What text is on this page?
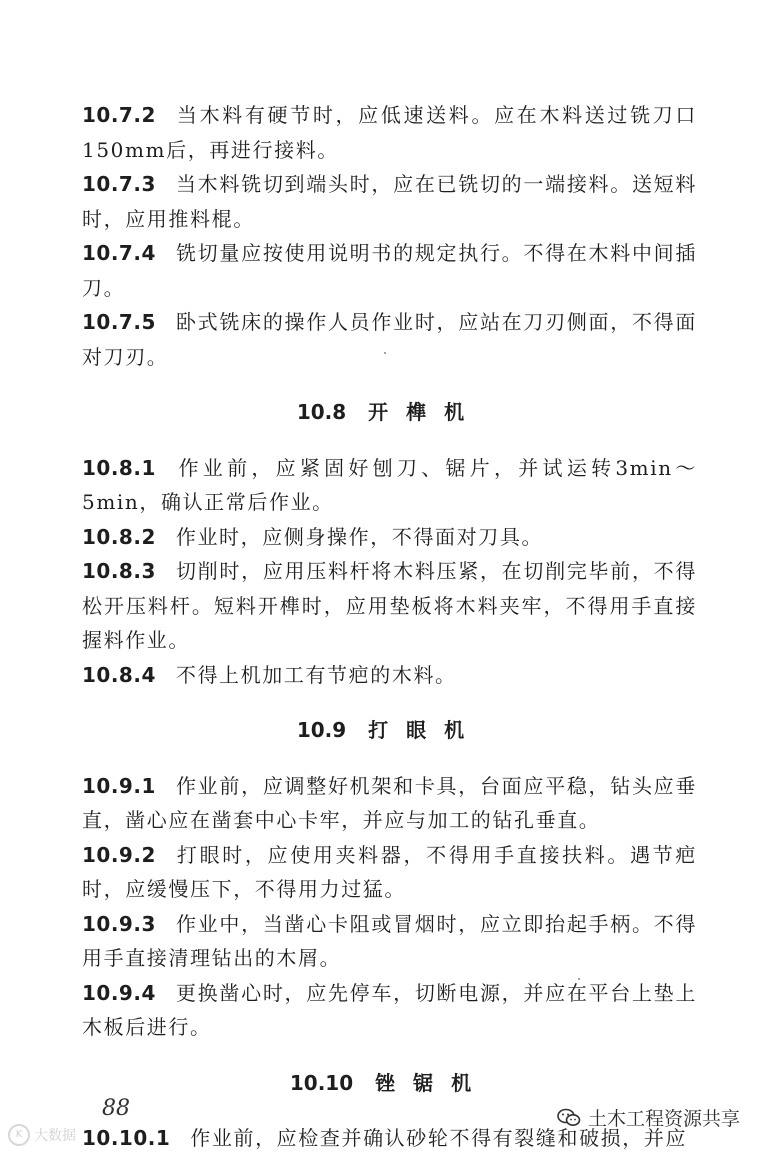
10.7.2 当木料有硬节时，应低速送料。应在木料送过铣刀口150mm后，再进行接料。

10.7.3 当木料铣切到端头时，应在已铣切的一端接料。送短料时，应用推料棍。

10.7.4 铣切量应按使用说明书的规定执行。不得在木料中间插刀。

10.7.5 卧式铣床的操作人员作业时，应站在刀刃侧面，不得面对刀刃。

10.8 开榫机

10.8.1 作业前，应紧固好刨刀、锯片，并试运转3min～5min，确认正常后作业。

10.8.2 作业时，应侧身操作，不得面对刀具。

10.8.3 切削时，应用压料杆将木料压紧，在切削完毕前，不得松开压料杆。短料开榫时，应用垫板将木料夹牢，不得用手直接握料作业。

10.8.4 不得上机加工有节疤的木料。

10.9 打眼机

10.9.1 作业前，应调整好机架和卡具，台面应平稳，钻头应垂直，凿心应在凿套中心卡牢，并应与加工的钻孔垂直。

10.9.2 打眼时，应使用夹料器，不得用手直接扶料。遇节疤时，应缓慢压下，不得用力过猛。

10.9.3 作业中，当凿心卡阻或冒烟时，应立即抬起手柄。不得用手直接清理钻出的木屑。

10.9.4 更换凿心时，应先停车，切断电源，并应在平台上垫上木板后进行。

10.10 锉锯机

10.10.1 作业前，应检查并确认砂轮不得有裂缝和破损，并应

88
K 大数据
土木工程资源共享
